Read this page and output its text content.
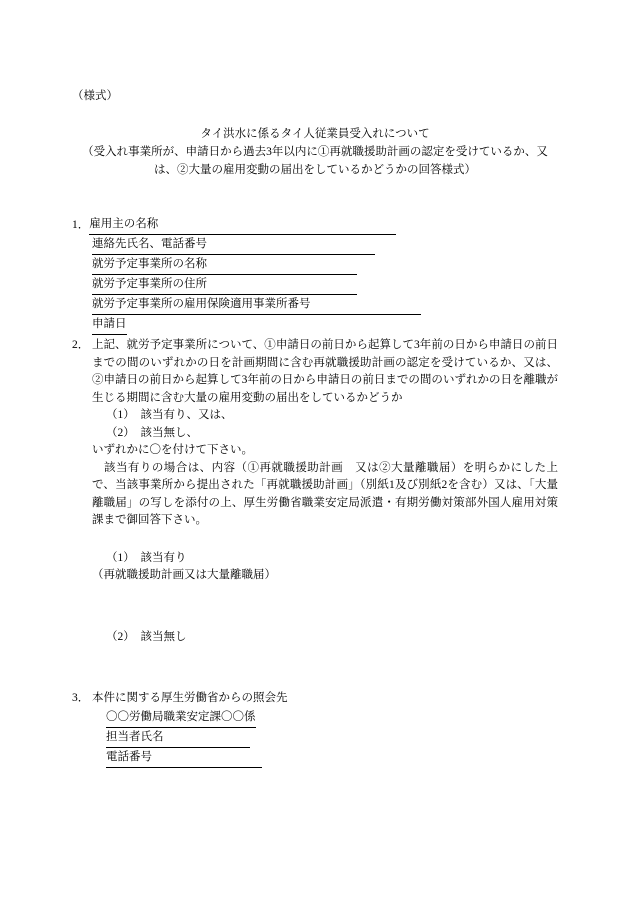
（様式）
タイ洪水に係るタイ人従業員受入れについて
（受入れ事業所が、申請日から過去3年以内に①再就職援助計画の認定を受けているか、又
は、②大量の雇用変動の届出をしているかどうかの回答様式）
1． 雇用主の名称
連絡先氏名、電話番号
就労予定事業所の名称
就労予定事業所の住所
就労予定事業所の雇用保険適用事業所番号
申請日
2． 上記、就労予定事業所について、①申請日の前日から起算して3年前の日から申請日の前日までの間のいずれかの日を計画期間に含む再就職援助計画の認定を受けているか、又は、②申請日の前日から起算して3年前の日から申請日の前日までの間のいずれかの日を離職が生じる期間に含む大量の雇用変動の届出をしているかどうか
（1）　該当有り、又は、
（2）　該当無し、
いずれかに〇を付けて下さい。
該当有りの場合は、内容（①再就職援助計画　又は②大量離職届）を明らかにした上で、当該事業所から提出された「再就職援助計画」（別紙1及び別紙2を含む）又は、「大量離職届」の写しを添付の上、厚生労働省職業安定局派遣・有期労働対策部外国人雇用対策課まで御回答下さい。
（1）　該当有り
（再就職援助計画又は大量離職届）
（2）　該当無し
3． 本件に関する厚生労働省からの照会先
〇〇労働局職業安定課〇〇係
担当者氏名
電話番号
